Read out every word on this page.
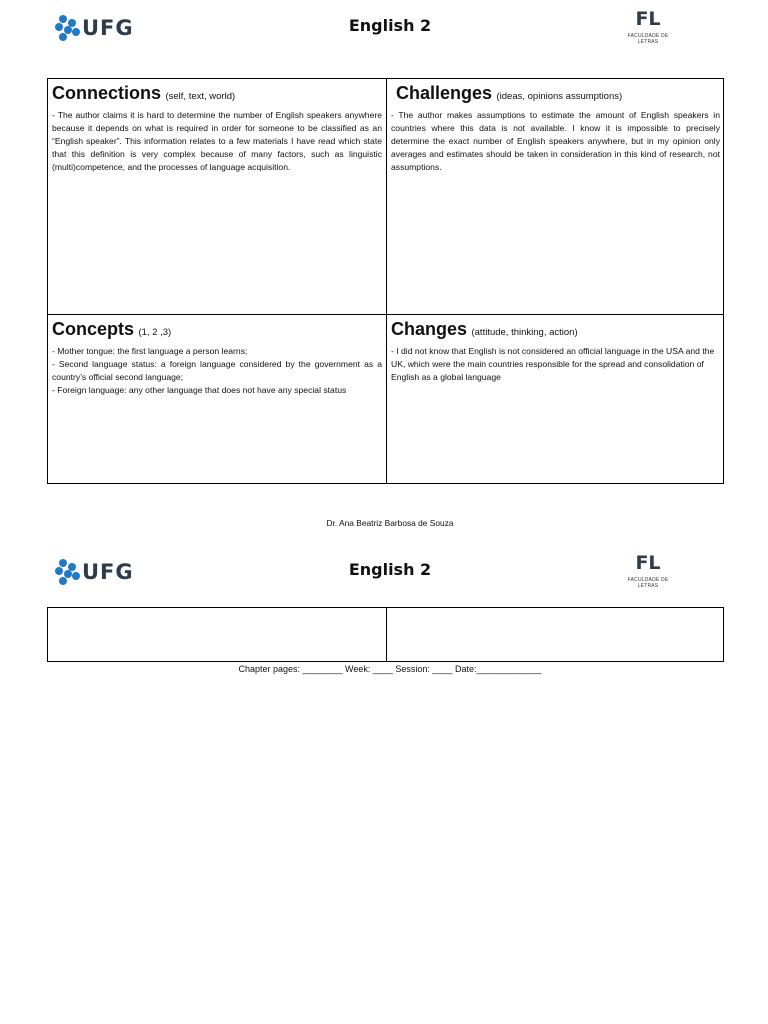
UFG	English 2	FL
FACULDADE DE
LETRAS
Connections (self, text, world)
- The author claims it is hard to determine the number of English speakers anywhere because it depends on what is required in order for someone to be classified as an “English speaker”. This information relates to a few materials I have read which state that this definition is very complex because of many factors, such as linguistic (multi)competence, and the processes of language acquisition.
Challenges (ideas, opinions assumptions)
- The author makes assumptions to estimate the amount of English speakers in countries where this data is not available. I know it is impossible to precisely determine the exact number of English speakers anywhere, but in my opinion only averages and estimates should be taken in consideration in this kind of research, not assumptions.
Concepts (1, 2 ,3)

- Mother tongue: the first language a person learns;

- Second language status: a foreign language considered by the government as a country’s official second language;

- Foreign language: any other language that does not have any special status

Changes (attitude, thinking, action)
- I did not know that English is not considered an official language in the USA and the UK, which were the main countries responsible for the spread and consolidation of English as a global language
Dr. Ana Beatriz Barbosa de Souza
UFG	English 2	FL
FACULDADE DE
LETRAS
Chapter pages: ________ Week: ____ Session: ____ Date:_____________
